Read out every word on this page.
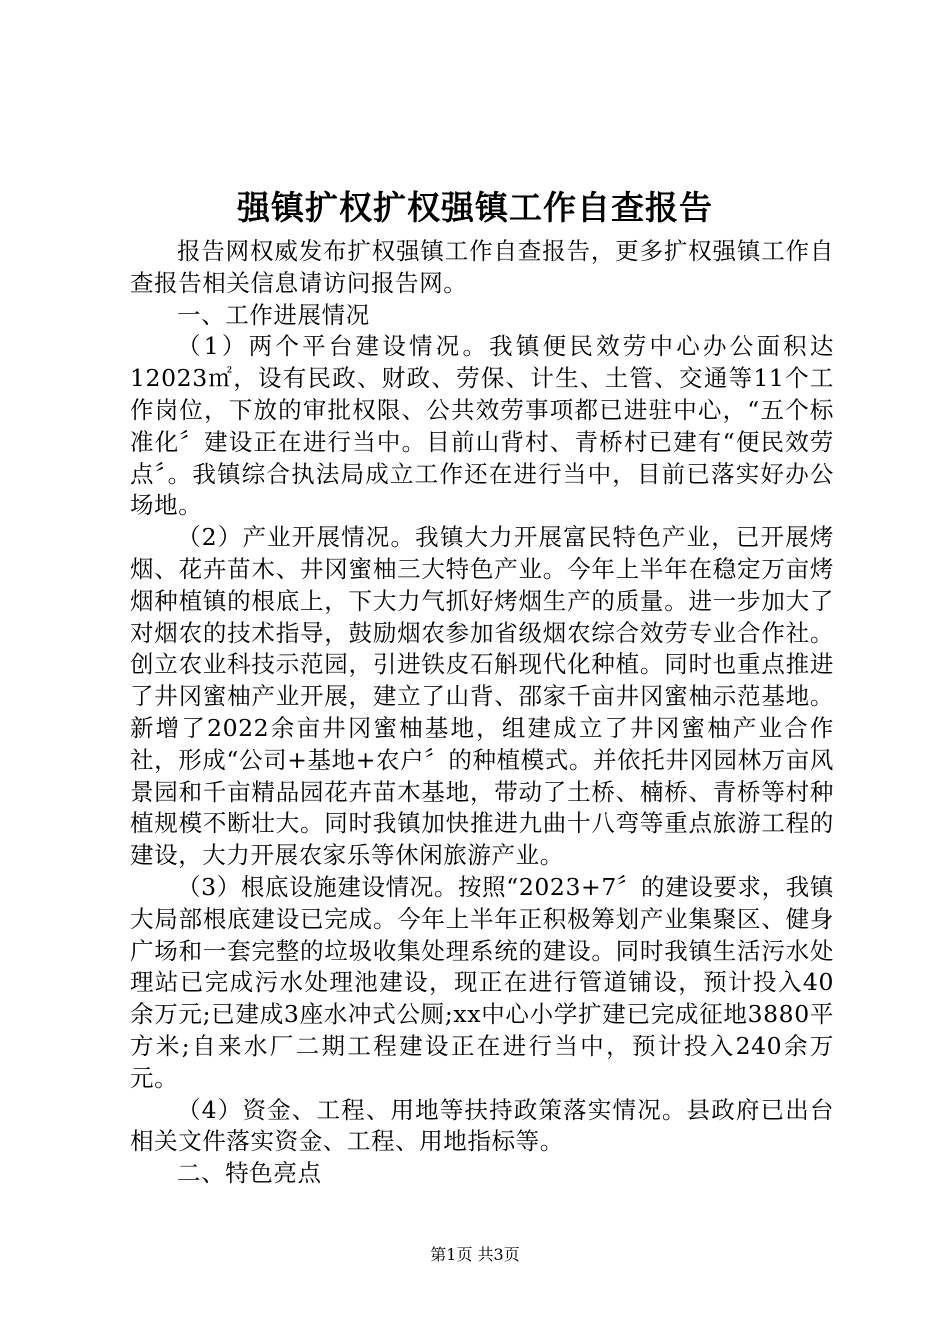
强镇扩权扩权强镇工作自查报告

报告网权威发布扩权强镇工作自查报告，更多扩权强镇工作自查报告相关信息请访问报告网。

一、工作进展情况

（1）两个平台建设情况。我镇便民效劳中心办公面积达12023㎡，设有民政、财政、劳保、计生、土管、交通等11个工作岗位，下放的审批权限、公共效劳事项都已进驻中心，“五个标准化〞建设正在进行当中。目前山背村、青桥村已建有“便民效劳点〞。我镇综合执法局成立工作还在进行当中，目前已落实好办公场地。

（2）产业开展情况。我镇大力开展富民特色产业，已开展烤烟、花卉苗木、井冈蜜柚三大特色产业。今年上半年在稳定万亩烤烟种植镇的根底上，下大力气抓好烤烟生产的质量。进一步加大了对烟农的技术指导，鼓励烟农参加省级烟农综合效劳专业合作社。创立农业科技示范园，引进铁皮石斛现代化种植。同时也重点推进了井冈蜜柚产业开展，建立了山背、邵家千亩井冈蜜柚示范基地。新增了2022余亩井冈蜜柚基地，组建成立了井冈蜜柚产业合作社，形成“公司+基地+农户〞的种植模式。并依托井冈园林万亩风景园和千亩精品园花卉苗木基地，带动了土桥、楠桥、青桥等村种植规模不断壮大。同时我镇加快推进九曲十八弯等重点旅游工程的建设，大力开展农家乐等休闲旅游产业。

（3）根底设施建设情况。按照“2023+7〞的建设要求，我镇大局部根底建设已完成。今年上半年正积极筹划产业集聚区、健身广场和一套完整的垃圾收集处理系统的建设。同时我镇生活污水处理站已完成污水处理池建设，现正在进行管道铺设，预计投入40余万元;已建成3座水冲式公厕;xx中心小学扩建已完成征地3880平方米;自来水厂二期工程建设正在进行当中，预计投入240余万元。

（4）资金、工程、用地等扶持政策落实情况。县政府已出台相关文件落实资金、工程、用地指标等。

二、特色亮点

第1页 共3页
